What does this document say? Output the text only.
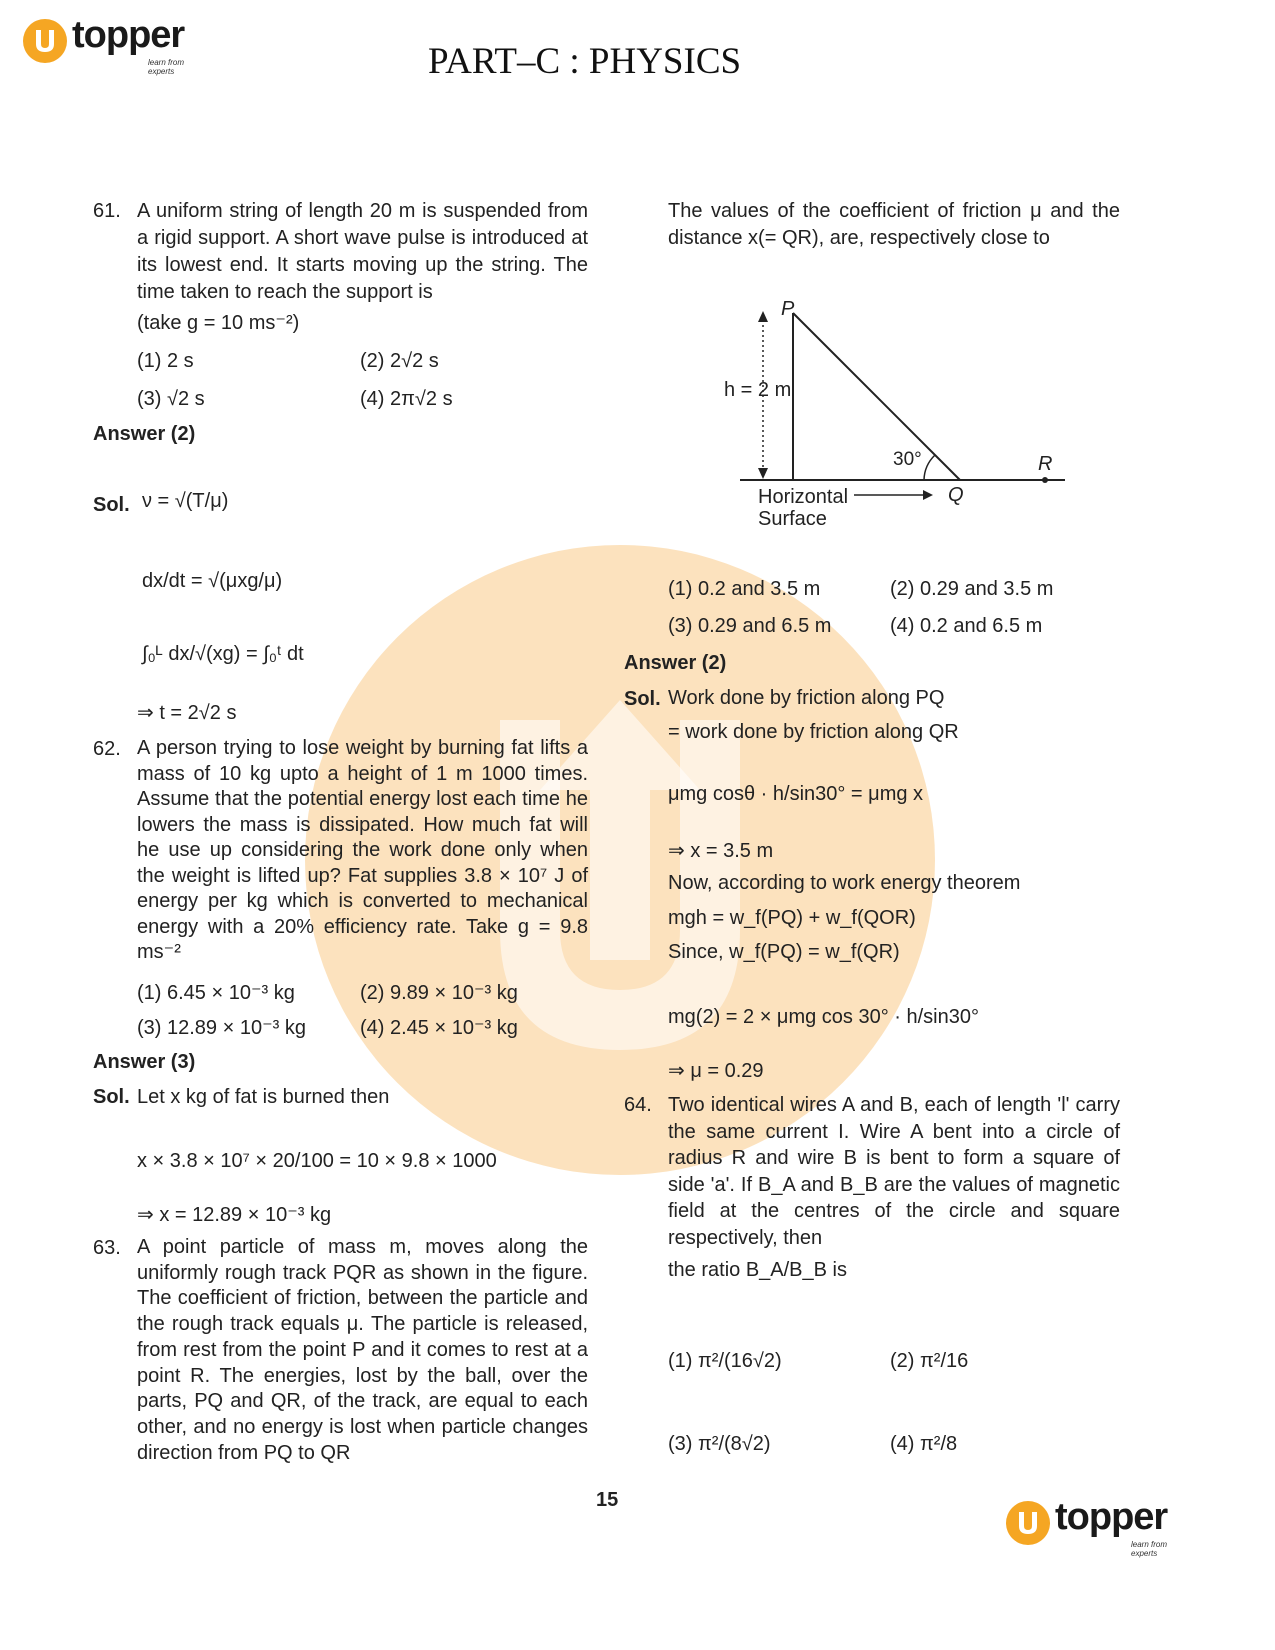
topper
learn from experts	PART–C : PHYSICS
61. A uniform string of length 20 m is suspended from a rigid support. A short wave pulse is introduced at its lowest end. It starts moving up the string. The time taken to reach the support is
(take g = 10 ms⁻²)
(1) 2 s	(2) 2√2 s
(3) √2 s	(4) 2π√2 s
Answer (2)
Sol. ν = √(T/μ)
dx/dt = √(μxg/μ)
∫₀ᴸ dx/√(xg) = ∫₀ᵗ dt
⇒ t = 2√2 s
62. A person trying to lose weight by burning fat lifts a mass of 10 kg upto a height of 1 m 1000 times. Assume that the potential energy lost each time he lowers the mass is dissipated. How much fat will he use up considering the work done only when the weight is lifted up? Fat supplies 3.8 × 10⁷ J of energy per kg which is converted to mechanical energy with a 20% efficiency rate. Take g = 9.8 ms⁻²
(1) 6.45 × 10⁻³ kg	(2) 9.89 × 10⁻³ kg
(3) 12.89 × 10⁻³ kg	(4) 2.45 × 10⁻³ kg
Answer (3)
Sol. Let x kg of fat is burned then
x × 3.8 × 10⁷ × 20/100 = 10 × 9.8 × 1000
⇒ x = 12.89 × 10⁻³ kg
63. A point particle of mass m, moves along the uniformly rough track PQR as shown in the figure. The coefficient of friction, between the particle and the rough track equals μ. The particle is released, from rest from the point P and it comes to rest at a point R. The energies, lost by the ball, over the parts, PQ and QR, of the track, are equal to each other, and no energy is lost when particle changes direction from PQ to QR
The values of the coefficient of friction μ and the distance x(= QR), are, respectively close to
P
h = 2 m
30°	R
Q
Horizontal
Surface
(1) 0.2 and 3.5 m	(2) 0.29 and 3.5 m
(3) 0.29 and 6.5 m	(4) 0.2 and 6.5 m
Answer (2)
Sol. Work done by friction along PQ
= work done by friction along QR
μmg cosθ · h/sin30° = μmg x
⇒ x = 3.5 m
Now, according to work energy theorem
mgh = w_f(PQ) + w_f(QOR)
Since, w_f(PQ) = w_f(QR)
mg(2) = 2 × μmg cos 30° · h/sin30°
⇒ μ = 0.29
64. Two identical wires A and B, each of length 'l' carry the same current I. Wire A bent into a circle of radius R and wire B is bent to form a square of side 'a'. If B_A and B_B are the values of magnetic field at the centres of the circle and square respectively, then
the ratio B_A/B_B is
(1) π²/(16√2)	(2) π²/16
(3) π²/(8√2)	(4) π²/8
15	topper
learn from experts
